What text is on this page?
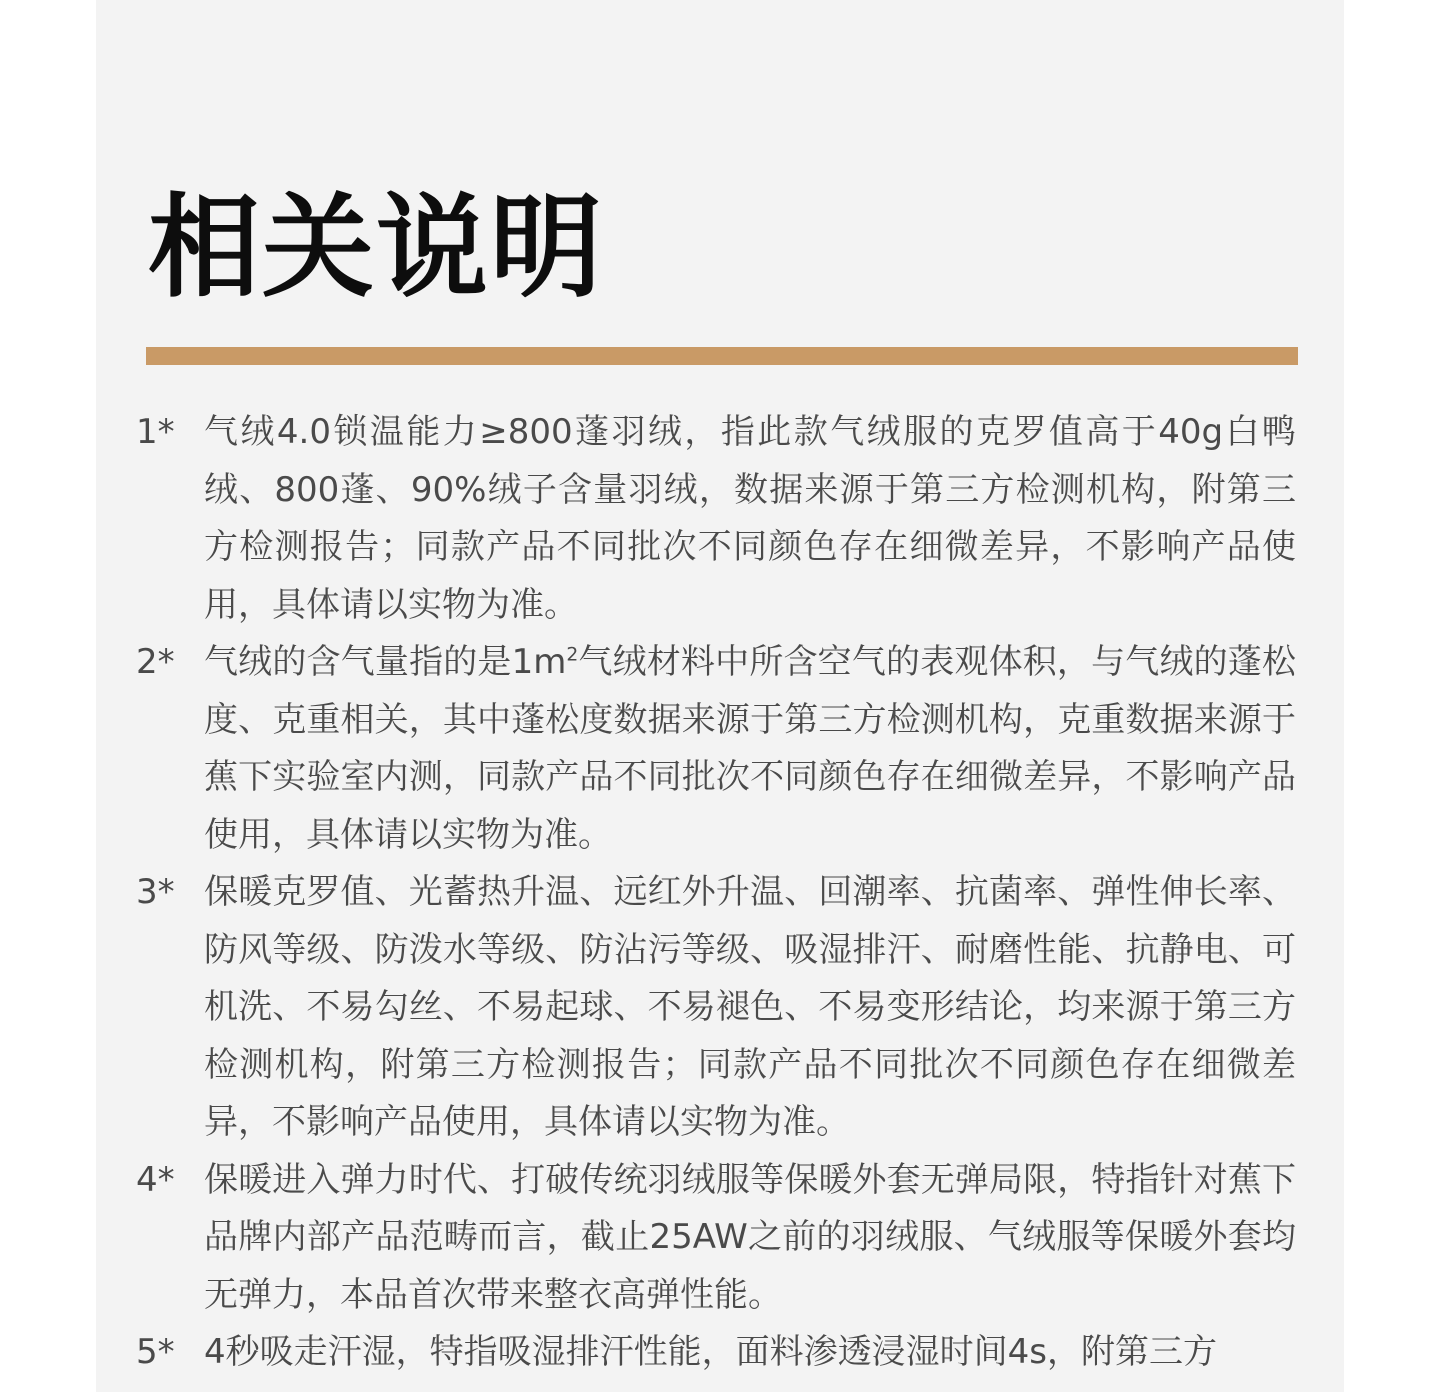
相关说明
1* 气绒4.0锁温能力≥800蓬羽绒，指此款气绒服的克罗值高于40g白鸭绒、800蓬、90%绒子含量羽绒，数据来源于第三方检测机构，附第三方检测报告；同款产品不同批次不同颜色存在细微差异，不影响产品使用，具体请以实物为准。
2* 气绒的含气量指的是$1m^2$气绒材料中所含空气的表观体积，与气绒的蓬松度、克重相关，其中蓬松度数据来源于第三方检测机构，克重数据来源于蕉下实验室内测，同款产品不同批次不同颜色存在细微差异，不影响产品使用，具体请以实物为准。
3* 保暖克罗值、光蓄热升温、远红外升温、回潮率、抗菌率、弹性伸长率、防风等级、防泼水等级、防沾污等级、吸湿排汗、耐磨性能、抗静电、可机洗、不易勾丝、不易起球、不易褪色、不易变形结论，均来源于第三方检测机构，附第三方检测报告；同款产品不同批次不同颜色存在细微差异，不影响产品使用，具体请以实物为准。
4* 保暖进入弹力时代、打破传统羽绒服等保暖外套无弹局限，特指针对蕉下品牌内部产品范畴而言，截止25AW之前的羽绒服、气绒服等保暖外套均无弹力，本品首次带来整衣高弹性能。
5* 4秒吸走汗湿，特指吸湿排汗性能，面料渗透浸湿时间4s，附第三方
